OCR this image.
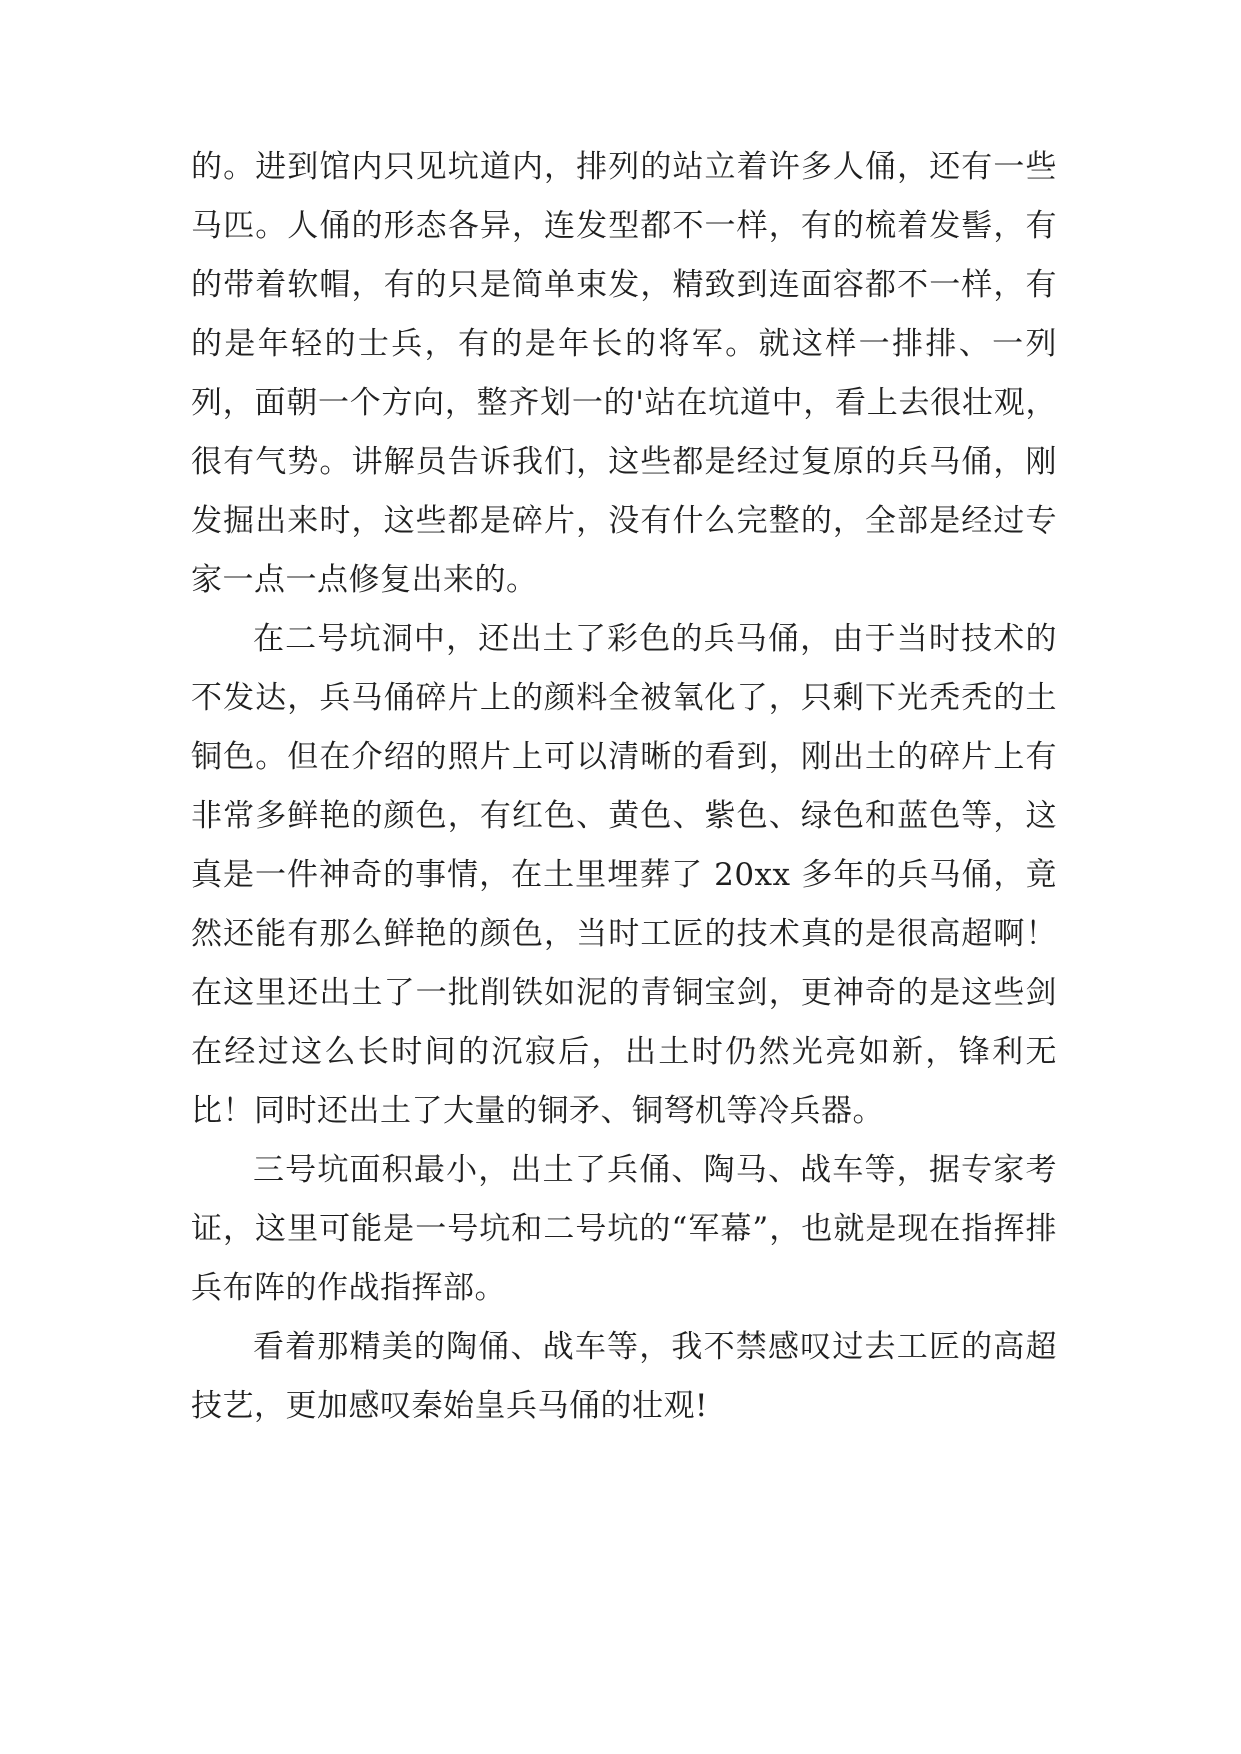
的。进到馆内只见坑道内，排列的站立着许多人俑，还有一些马匹。人俑的形态各异，连发型都不一样，有的梳着发髻，有的带着软帽，有的只是简单束发，精致到连面容都不一样，有的是年轻的士兵，有的是年长的将军。就这样一排排、一列列，面朝一个方向，整齐划一的'站在坑道中，看上去很壮观，很有气势。讲解员告诉我们，这些都是经过复原的兵马俑，刚发掘出来时，这些都是碎片，没有什么完整的，全部是经过专家一点一点修复出来的。

在二号坑洞中，还出土了彩色的兵马俑，由于当时技术的不发达，兵马俑碎片上的颜料全被氧化了，只剩下光秃秃的土铜色。但在介绍的照片上可以清晰的看到，刚出土的碎片上有非常多鲜艳的颜色，有红色、黄色、紫色、绿色和蓝色等，这真是一件神奇的事情，在土里埋葬了 20xx 多年的兵马俑，竟然还能有那么鲜艳的颜色，当时工匠的技术真的是很高超啊！在这里还出土了一批削铁如泥的青铜宝剑，更神奇的是这些剑在经过这么长时间的沉寂后，出土时仍然光亮如新，锋利无比！同时还出土了大量的铜矛、铜弩机等冷兵器。

三号坑面积最小，出土了兵俑、陶马、战车等，据专家考证，这里可能是一号坑和二号坑的“军幕”，也就是现在指挥排兵布阵的作战指挥部。

看着那精美的陶俑、战车等，我不禁感叹过去工匠的高超技艺，更加感叹秦始皇兵马俑的壮观!
